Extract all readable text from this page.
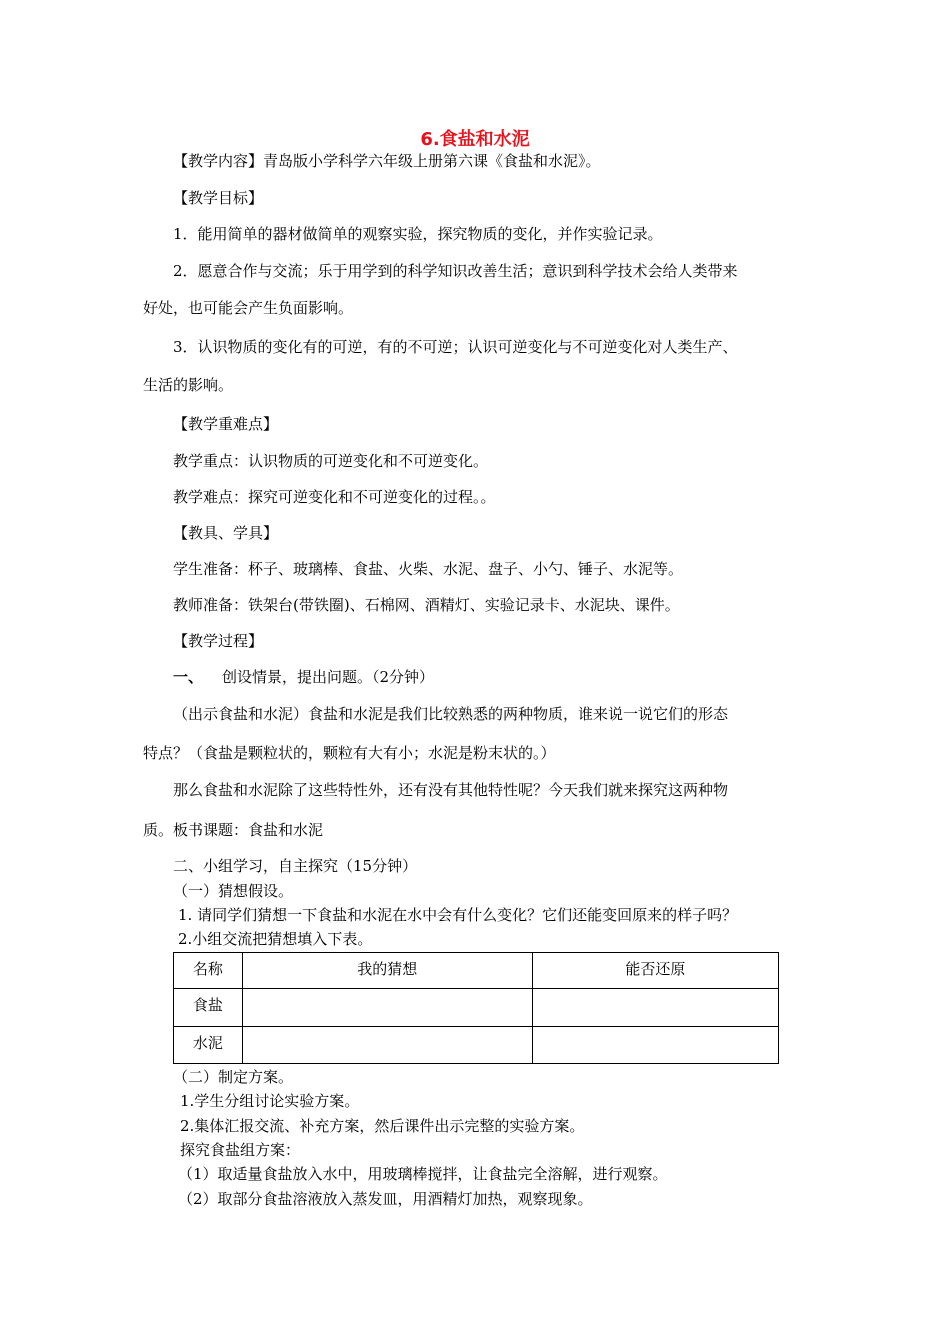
6.食盐和水泥
【教学内容】青岛版小学科学六年级上册第六课《食盐和水泥》。
【教学目标】
1．能用简单的器材做简单的观察实验，探究物质的变化，并作实验记录。
2．愿意合作与交流；乐于用学到的科学知识改善生活；意识到科学技术会给人类带来
好处，也可能会产生负面影响。
3．认识物质的变化有的可逆，有的不可逆；认识可逆变化与不可逆变化对人类生产、
生活的影响。
【教学重难点】
教学重点：认识物质的可逆变化和不可逆变化。
教学难点：探究可逆变化和不可逆变化的过程。。
【教具、学具】
学生准备：杯子、玻璃棒、食盐、火柴、水泥、盘子、小勺、锤子、水泥等。
教师准备：铁架台(带铁圈)、石棉网、酒精灯、实验记录卡、水泥块、课件。
【教学过程】
一、 创设情景，提出问题。（2分钟）
（出示食盐和水泥）食盐和水泥是我们比较熟悉的两种物质，谁来说一说它们的形态
特点？（食盐是颗粒状的，颗粒有大有小；水泥是粉末状的。）
那么食盐和水泥除了这些特性外，还有没有其他特性呢？今天我们就来探究这两种物
质。板书课题：食盐和水泥
二、小组学习，自主探究（15分钟）
（一）猜想假设。
1. 请同学们猜想一下食盐和水泥在水中会有什么变化？它们还能变回原来的样子吗？
2.小组交流把猜想填入下表。
名称	我的猜想	能否还原
食盐		
水泥		
（二）制定方案。
1.学生分组讨论实验方案。
2.集体汇报交流、补充方案，然后课件出示完整的实验方案。
探究食盐组方案：
（1）取适量食盐放入水中，用玻璃棒搅拌，让食盐完全溶解，进行观察。
（2）取部分食盐溶液放入蒸发皿，用酒精灯加热，观察现象。
